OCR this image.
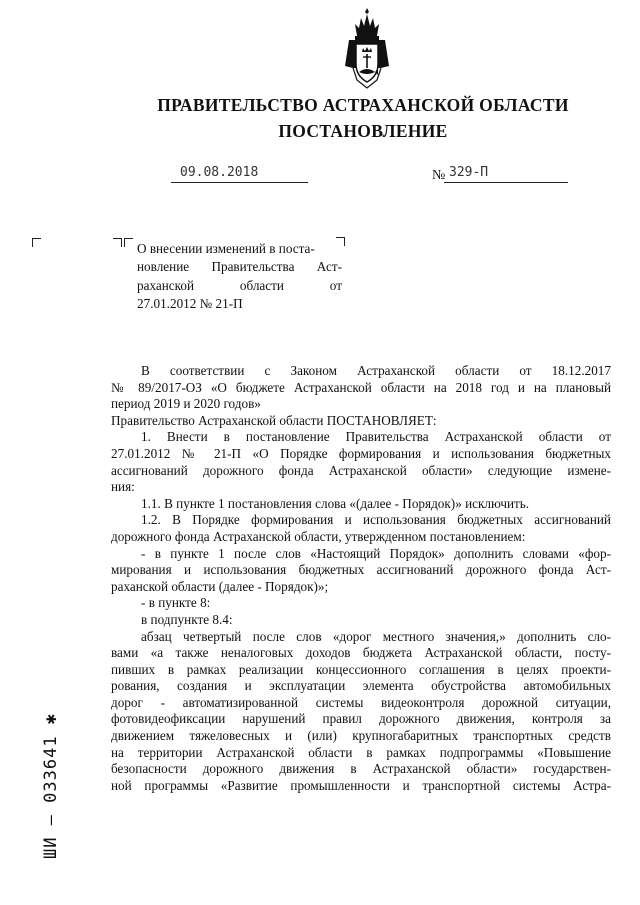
ПРАВИТЕЛЬСТВО АСТРАХАНСКОЙ ОБЛАСТИ
ПОСТАНОВЛЕНИЕ
09.08.2018	№ 329-П
О внесении изменений в поста-
новление Правительства Аст-
раханской области от
27.01.2012 № 21-П
В соответствии с Законом Астраханской области от 18.12.2017
№ 89/2017-ОЗ «О бюджете Астраханской области на 2018 год и на плановый
период 2019 и 2020 годов»
Правительство Астраханской области ПОСТАНОВЛЯЕТ:
1. Внести в постановление Правительства Астраханской области от
27.01.2012 № 21-П «О Порядке формирования и использования бюджетных
ассигнований дорожного фонда Астраханской области» следующие измене-
ния:
1.1. В пункте 1 постановления слова «(далее - Порядок)» исключить.
1.2. В Порядке формирования и использования бюджетных ассигнований
дорожного фонда Астраханской области, утвержденном постановлением:
- в пункте 1 после слов «Настоящий Порядок» дополнить словами «фор-
мирования и использования бюджетных ассигнований дорожного фонда Аст-
раханской области (далее - Порядок)»;
- в пункте 8:
в подпункте 8.4:
абзац четвертый после слов «дорог местного значения,» дополнить сло-
вами «а также неналоговых доходов бюджета Астраханской области, посту-
пивших в рамках реализации концессионного соглашения в целях проекти-
рования, создания и эксплуатации элемента обустройства автомобильных
дорог - автоматизированной системы видеоконтроля дорожной ситуации,
фотовидеофиксации нарушений правил дорожного движения, контроля за
движением тяжеловесных и (или) крупногабаритных транспортных средств
на территории Астраханской области в рамках подпрограммы «Повышение
безопасности дорожного движения в Астраханской области» государствен-
ной программы «Развитие промышленности и транспортной системы Астра-
ШИ – 033641 ✱
